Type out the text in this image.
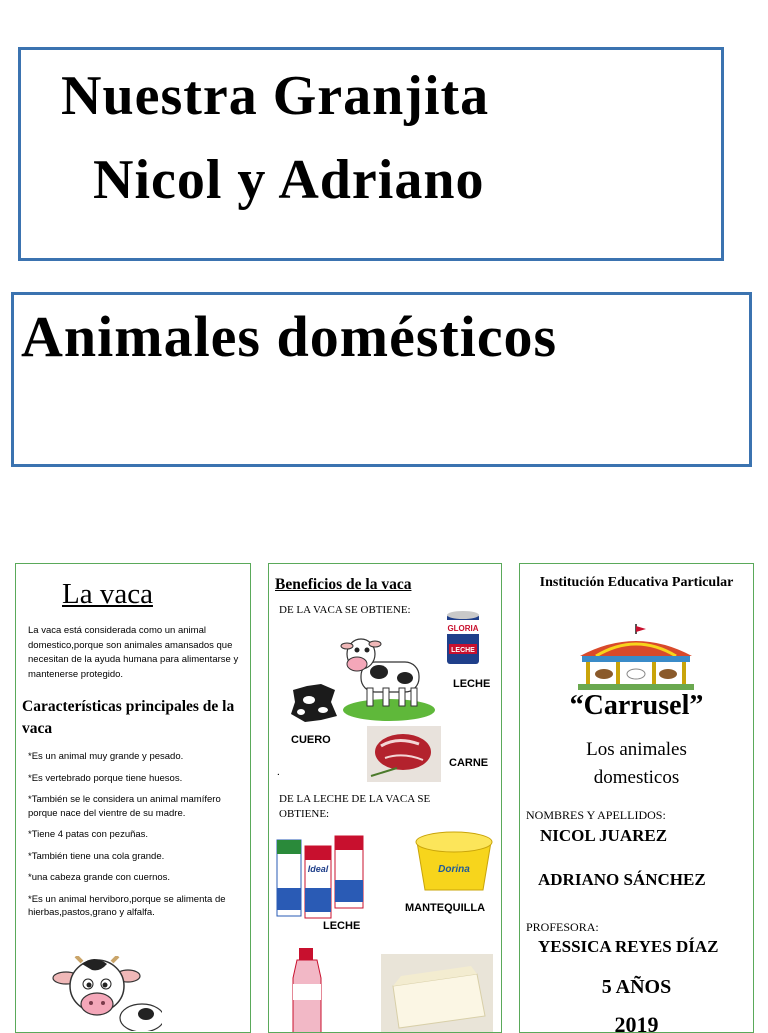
Nuestra Granjita
Nicol y Adriano
Animales domésticos
La vaca
La vaca está considerada como un animal domestico,porque son animales amansados que necesitan de la ayuda humana para alimentarse y mantenerse protegido.
Características principales de la vaca
*Es un animal muy grande y pesado.
*Es vertebrado porque tiene huesos.
*También se le considera un animal mamífero porque nace del vientre de su madre.
*Tiene 4 patas con pezuñas.
*También tiene una cola grande.
*una cabeza grande con cuernos.
*Es un animal herviboro,porque se alimenta de hierbas,pastos,grano y alfalfa.
Beneficios de la vaca
DE LA VACA SE OBTIENE:
GLORIA
LECHE
LECHE
CUERO
CARNE
.
DE LA LECHE DE LA VACA SE OBTIENE:
Ideal
LECHE
Dorina
MANTEQUILLA
Institución Educativa Particular
“Carrusel”
Los animales domesticos
NOMBRES Y APELLIDOS:
NICOL JUAREZ
ADRIANO SÁNCHEZ
PROFESORA:
YESSICA REYES DÍAZ
5 AÑOS
2019
